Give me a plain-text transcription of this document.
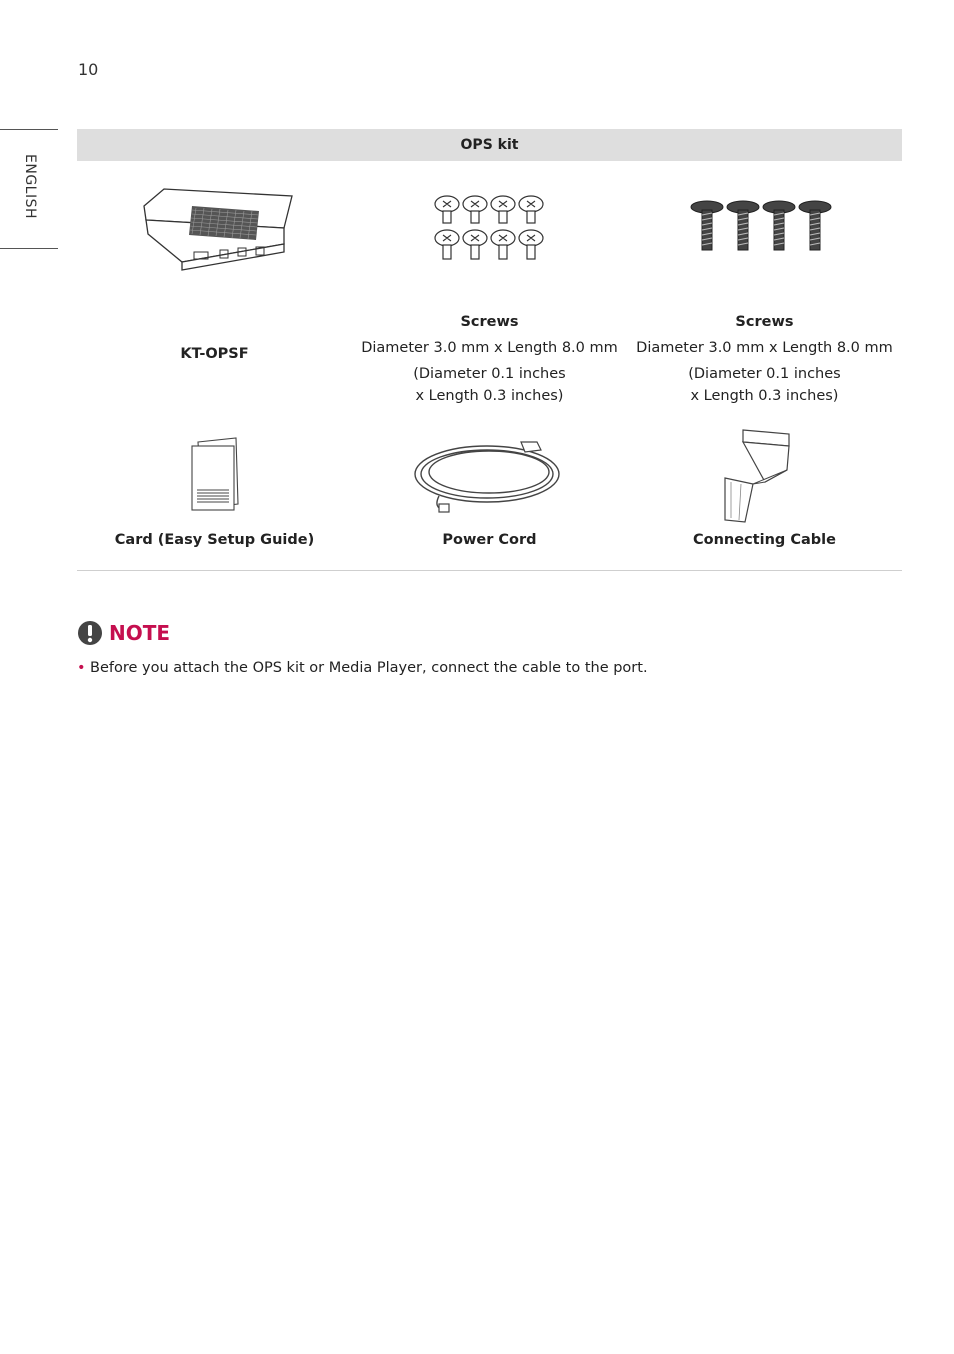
10
ENGLISH
OPS kit
KT-OPSF
Screws
Diameter 3.0 mm x Length 8.0 mm
(Diameter 0.1 inches
x Length 0.3 inches)
Screws
Diameter 3.0 mm x Length 8.0 mm
(Diameter 0.1 inches
x Length 0.3 inches)
Card (Easy Setup Guide)	Power Cord	Connecting Cable
NOTE
• Before you attach the OPS kit or Media Player, connect the cable to the port.
